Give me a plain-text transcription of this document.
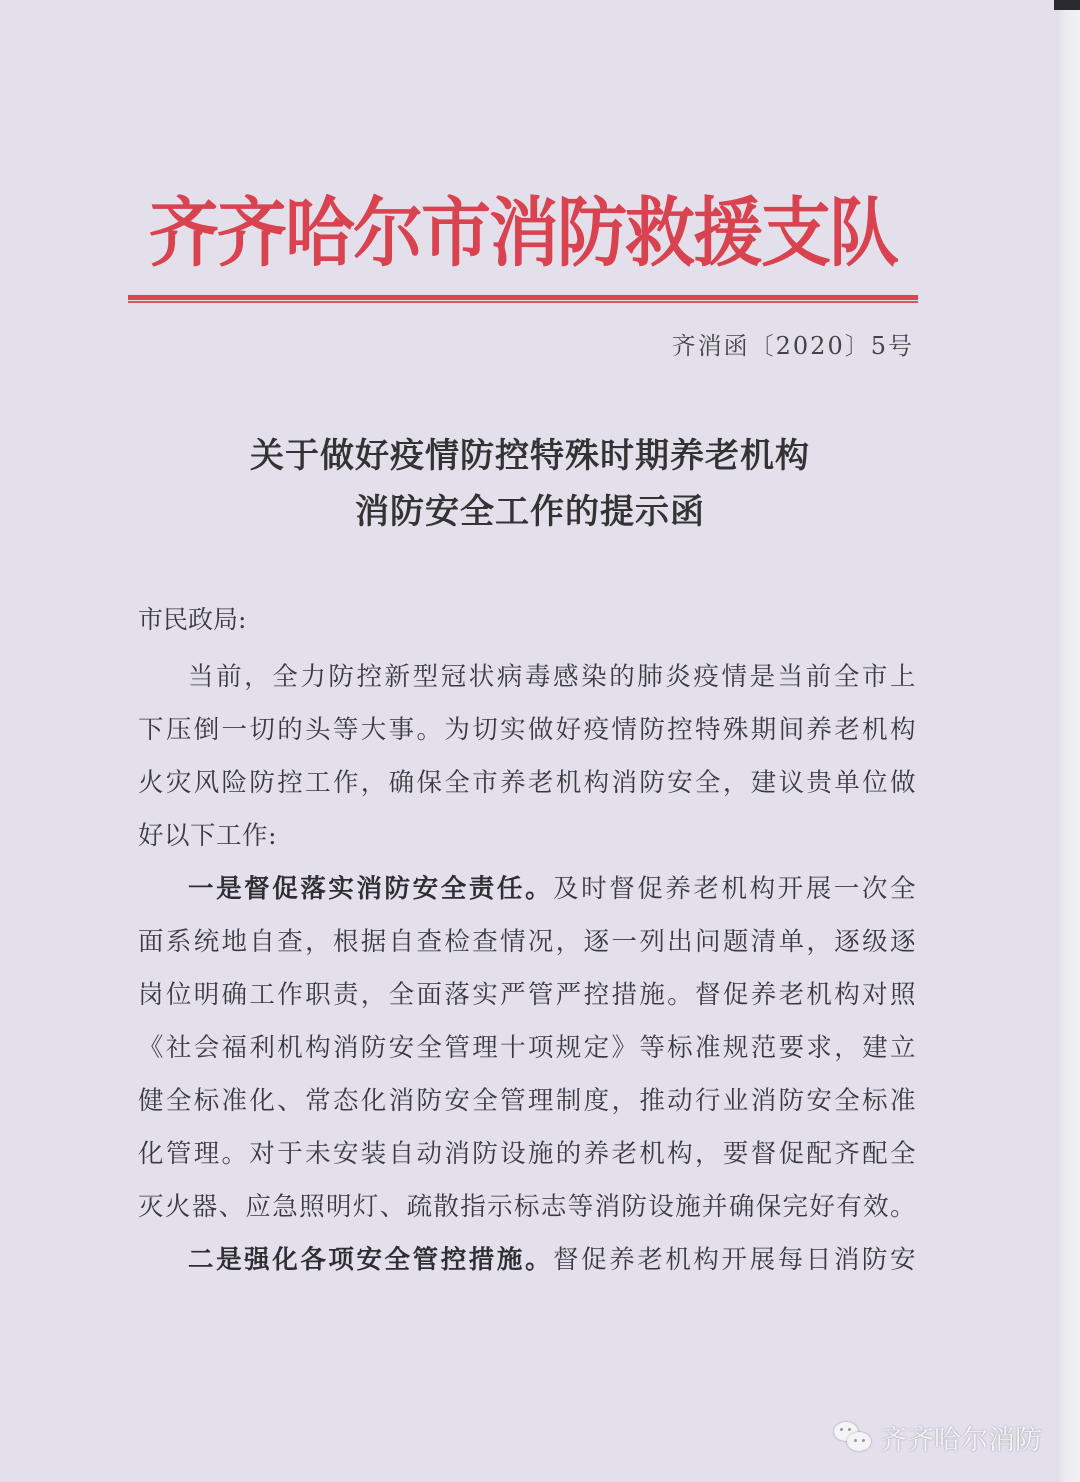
齐齐哈尔市消防救援支队
齐消函〔2020〕5号
关于做好疫情防控特殊时期养老机构
消防安全工作的提示函
市民政局:
当前，全力防控新型冠状病毒感染的肺炎疫情是当前全市上
下压倒一切的头等大事。为切实做好疫情防控特殊期间养老机构
火灾风险防控工作，确保全市养老机构消防安全，建议贵单位做
好以下工作:
一是督促落实消防安全责任。及时督促养老机构开展一次全
面系统地自查，根据自查检查情况，逐一列出问题清单，逐级逐
岗位明确工作职责，全面落实严管严控措施。督促养老机构对照
《社会福利机构消防安全管理十项规定》等标准规范要求，建立
健全标准化、常态化消防安全管理制度，推动行业消防安全标准
化管理。对于未安装自动消防设施的养老机构，要督促配齐配全
灭火器、应急照明灯、疏散指示标志等消防设施并确保完好有效。
二是强化各项安全管控措施。督促养老机构开展每日消防安
齐齐哈尔消防
